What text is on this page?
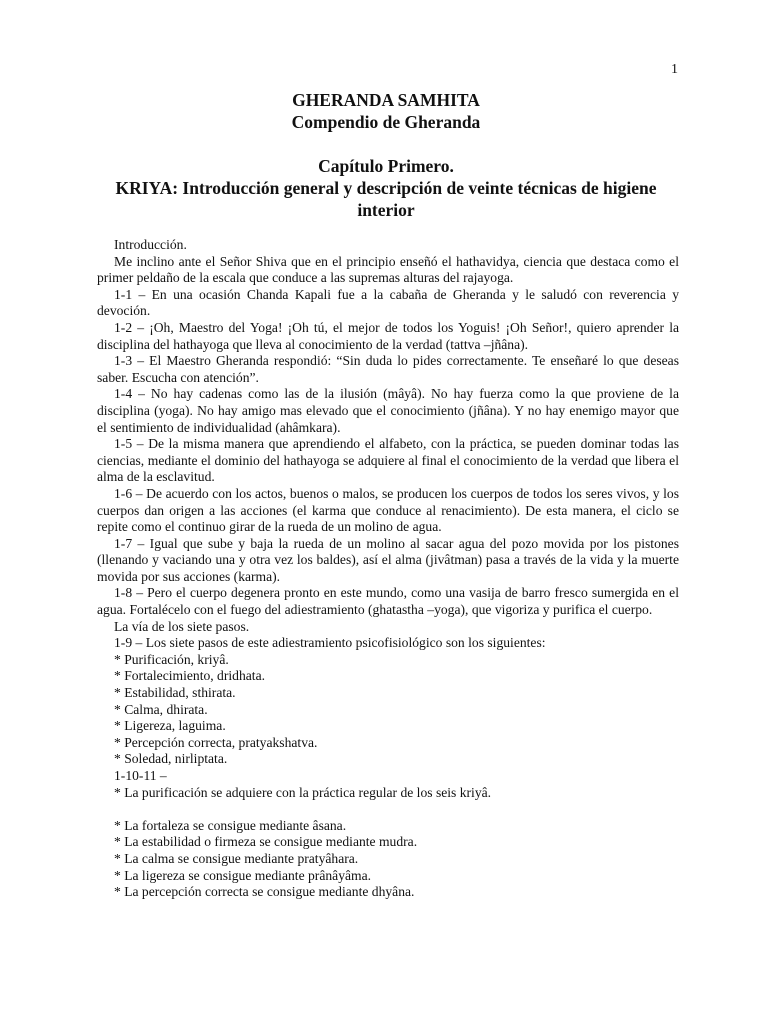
1
GHERANDA SAMHITA
Compendio de Gheranda
Capítulo Primero.
KRIYA: Introducción general y descripción de veinte técnicas de higiene interior

Introducción.

Me inclino ante el Señor Shiva que en el principio enseñó el hathavidya, ciencia que destaca como el primer peldaño de la escala que conduce a las supremas alturas del rajayoga.

1-1 – En una ocasión Chanda Kapali fue a la cabaña de Gheranda y le saludó con reverencia y devoción.

1-2 – ¡Oh, Maestro del Yoga! ¡Oh tú, el mejor de todos los Yoguis! ¡Oh Señor!, quiero aprender la disciplina del hathayoga que lleva al conocimiento de la verdad (tattva –jñâna).

1-3 – El Maestro Gheranda respondió: “Sin duda lo pides correctamente. Te enseñaré lo que deseas saber. Escucha con atención”.

1-4 – No hay cadenas como las de la ilusión (mâyâ). No hay fuerza como la que proviene de la disciplina (yoga). No hay amigo mas elevado que el conocimiento (jñâna). Y no hay enemigo mayor que el sentimiento de individualidad (ahâmkara).

1-5 – De la misma manera que aprendiendo el alfabeto, con la práctica, se pueden dominar todas las ciencias, mediante el dominio del hathayoga se adquiere al final el conocimiento de la verdad que libera el alma de la esclavitud.

1-6 – De acuerdo con los actos, buenos o malos, se producen los cuerpos de todos los seres vivos, y los cuerpos dan origen a las acciones (el karma que conduce al renacimiento). De esta manera, el ciclo se repite como el continuo girar de la rueda de un molino de agua.

1-7 – Igual que sube y baja la rueda de un molino al sacar agua del pozo movida por los pistones (llenando y vaciando una y otra vez los baldes), así el alma (jivâtman) pasa a través de la vida y la muerte movida por sus acciones (karma).

1-8 – Pero el cuerpo degenera pronto en este mundo, como una vasija de barro fresco sumergida en el agua. Fortalécelo con el fuego del adiestramiento (ghatastha –yoga), que vigoriza y purifica el cuerpo.

La vía de los siete pasos.

1-9 – Los siete pasos de este adiestramiento psicofisiológico son los siguientes:

* Purificación, kriyâ.

* Fortalecimiento, dridhata.

* Estabilidad, sthirata.

* Calma, dhirata.

* Ligereza, laguima.

* Percepción correcta, pratyakshatva.

* Soledad, nirliptata.

1-10-11 –

* La purificación se adquiere con la práctica regular de los seis kriyâ.

* La fortaleza se consigue mediante âsana.

* La estabilidad o firmeza se consigue mediante mudra.

* La calma se consigue mediante pratyâhara.

* La ligereza se consigue mediante prânâyâma.

* La percepción correcta se consigue mediante dhyâna.
